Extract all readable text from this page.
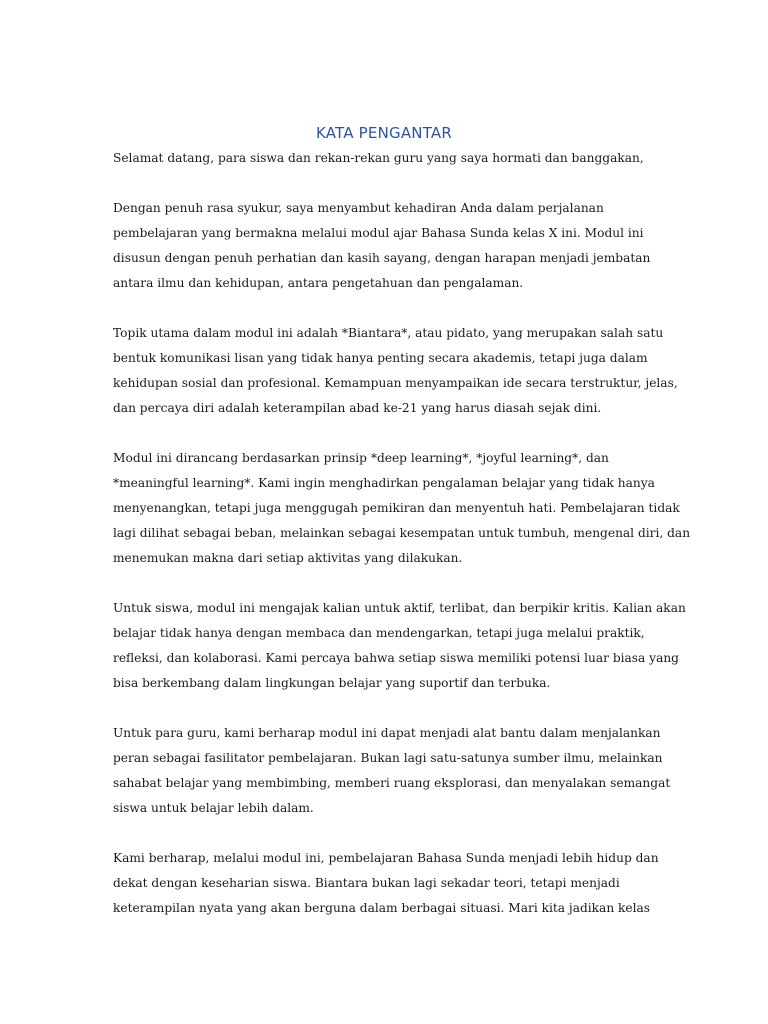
KATA PENGANTAR
Selamat datang, para siswa dan rekan-rekan guru yang saya hormati dan banggakan,
Dengan penuh rasa syukur, saya menyambut kehadiran Anda dalam perjalanan
pembelajaran yang bermakna melalui modul ajar Bahasa Sunda kelas X ini. Modul ini
disusun dengan penuh perhatian dan kasih sayang, dengan harapan menjadi jembatan
antara ilmu dan kehidupan, antara pengetahuan dan pengalaman.
Topik utama dalam modul ini adalah *Biantara*, atau pidato, yang merupakan salah satu
bentuk komunikasi lisan yang tidak hanya penting secara akademis, tetapi juga dalam
kehidupan sosial dan profesional. Kemampuan menyampaikan ide secara terstruktur, jelas,
dan percaya diri adalah keterampilan abad ke-21 yang harus diasah sejak dini.
Modul ini dirancang berdasarkan prinsip *deep learning*, *joyful learning*, dan
*meaningful learning*. Kami ingin menghadirkan pengalaman belajar yang tidak hanya
menyenangkan, tetapi juga menggugah pemikiran dan menyentuh hati. Pembelajaran tidak
lagi dilihat sebagai beban, melainkan sebagai kesempatan untuk tumbuh, mengenal diri, dan
menemukan makna dari setiap aktivitas yang dilakukan.
Untuk siswa, modul ini mengajak kalian untuk aktif, terlibat, dan berpikir kritis. Kalian akan
belajar tidak hanya dengan membaca dan mendengarkan, tetapi juga melalui praktik,
refleksi, dan kolaborasi. Kami percaya bahwa setiap siswa memiliki potensi luar biasa yang
bisa berkembang dalam lingkungan belajar yang suportif dan terbuka.
Untuk para guru, kami berharap modul ini dapat menjadi alat bantu dalam menjalankan
peran sebagai fasilitator pembelajaran. Bukan lagi satu-satunya sumber ilmu, melainkan
sahabat belajar yang membimbing, memberi ruang eksplorasi, dan menyalakan semangat
siswa untuk belajar lebih dalam.
Kami berharap, melalui modul ini, pembelajaran Bahasa Sunda menjadi lebih hidup dan
dekat dengan keseharian siswa. Biantara bukan lagi sekadar teori, tetapi menjadi
keterampilan nyata yang akan berguna dalam berbagai situasi. Mari kita jadikan kelas
